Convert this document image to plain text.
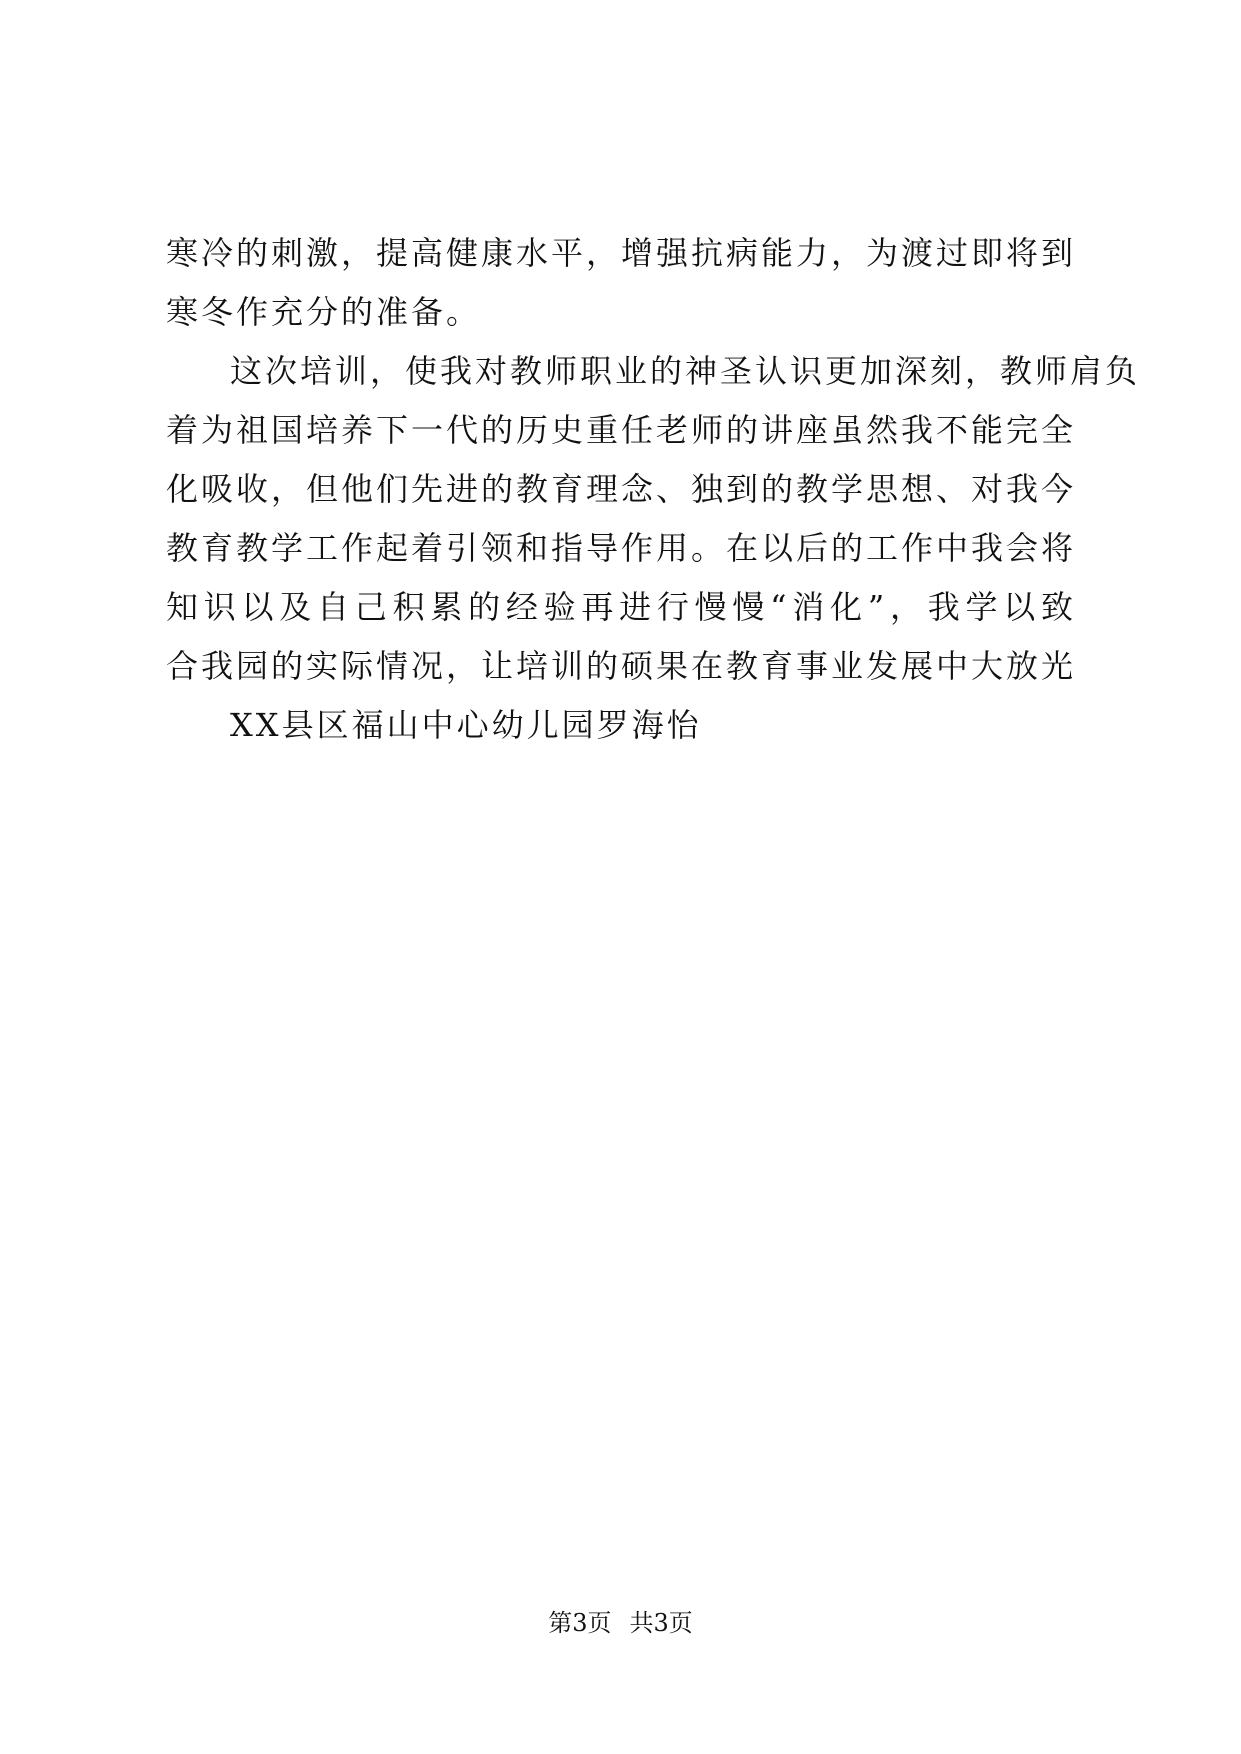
寒冷的刺激，提高健康水平，增强抗病能力，为渡过即将到
寒冬作充分的准备。
这次培训，使我对教师职业的神圣认识更加深刻，教师肩负
着为祖国培养下一代的历史重任老师的讲座虽然我不能完全
化吸收，但他们先进的教育理念、独到的教学思想、对我今
教育教学工作起着引领和指导作用。在以后的工作中我会将
知识以及自己积累的经验再进行慢慢“消化”，我学以致
合我园的实际情况，让培训的硕果在教育事业发展中大放光
XX县区福山中心幼儿园罗海怡
第3页 共3页
